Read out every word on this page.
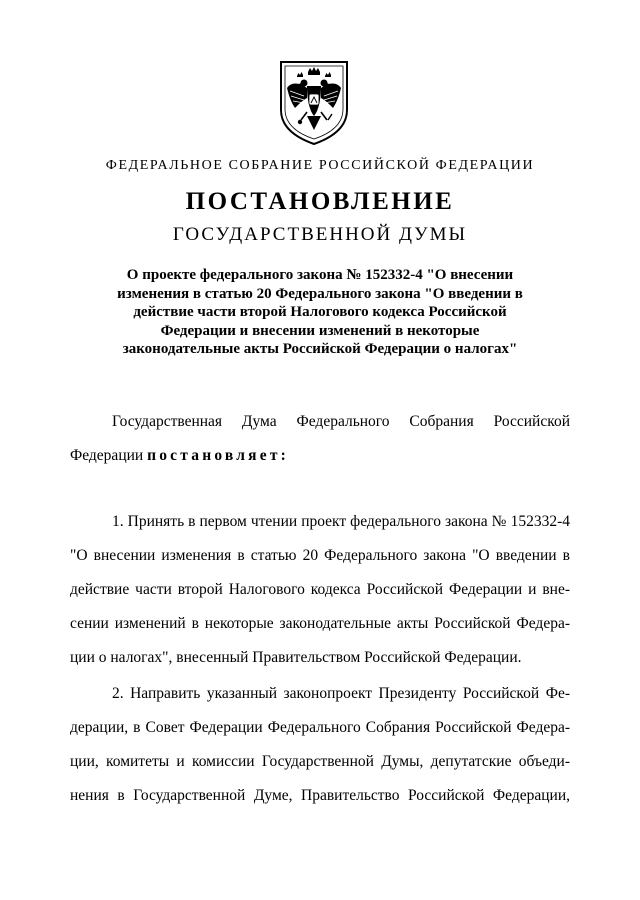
ФЕДЕРАЛЬНОЕ СОБРАНИЕ РОССИЙСКОЙ ФЕДЕРАЦИИ
ПОСТАНОВЛЕНИЕ
ГОСУДАРСТВЕННОЙ ДУМЫ
О проекте федерального закона № 152332-4 "О внесении
изменения в статью 20 Федерального закона "О введении в
действие части второй Налогового кодекса Российской
Федерации и внесении изменений в некоторые
законодательные акты Российской Федерации о налогах"
Государственная Дума Федерального Собрания Российской
Федерации постановляет:
1. Принять в первом чтении проект федерального закона № 152332-4
"О внесении изменения в статью 20 Федерального закона "О введении в
действие части второй Налогового кодекса Российской Федерации и вне-
сении изменений в некоторые законодательные акты Российской Федера-
ции о налогах", внесенный Правительством Российской Федерации.
2. Направить указанный законопроект Президенту Российской Фе-
дерации, в Совет Федерации Федерального Собрания Российской Федера-
ции, комитеты и комиссии Государственной Думы, депутатские объеди-
нения в Государственной Думе, Правительство Российской Федерации,
